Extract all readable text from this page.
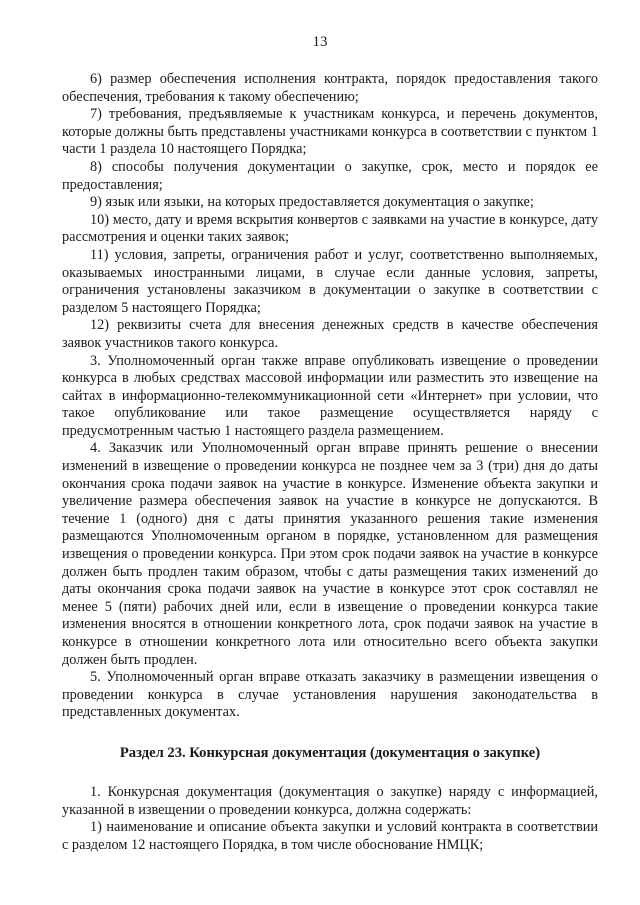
13

6) размер обеспечения исполнения контракта, порядок предоставления такого обеспечения, требования к такому обеспечению;

7) требования, предъявляемые к участникам конкурса, и перечень документов, которые должны быть представлены участниками конкурса в соответствии с пунктом 1 части 1 раздела 10 настоящего Порядка;

8) способы получения документации о закупке, срок, место и порядок ее предоставления;

9) язык или языки, на которых предоставляется документация о закупке;

10) место, дату и время вскрытия конвертов с заявками на участие в конкурсе, дату рассмотрения и оценки таких заявок;

11) условия, запреты, ограничения работ и услуг, соответственно выполняемых, оказываемых иностранными лицами, в случае если данные условия, запреты, ограничения установлены заказчиком в документации о закупке в соответствии с разделом 5 настоящего Порядка;

12) реквизиты счета для внесения денежных средств в качестве обеспечения заявок участников такого конкурса.

3. Уполномоченный орган также вправе опубликовать извещение о проведении конкурса в любых средствах массовой информации или разместить это извещение на сайтах в информационно-телекоммуникационной сети «Интернет» при условии, что такое опубликование или такое размещение осуществляется наряду с предусмотренным частью 1 настоящего раздела размещением.

4. Заказчик или Уполномоченный орган вправе принять решение о внесении изменений в извещение о проведении конкурса не позднее чем за 3 (три) дня до даты окончания срока подачи заявок на участие в конкурсе. Изменение объекта закупки и увеличение размера обеспечения заявок на участие в конкурсе не допускаются. В течение 1 (одного) дня с даты принятия указанного решения такие изменения размещаются Уполномоченным органом в порядке, установленном для размещения извещения о проведении конкурса. При этом срок подачи заявок на участие в конкурсе должен быть продлен таким образом, чтобы с даты размещения таких изменений до даты окончания срока подачи заявок на участие в конкурсе этот срок составлял не менее 5 (пяти) рабочих дней или, если в извещение о проведении конкурса такие изменения вносятся в отношении конкретного лота, срок подачи заявок на участие в конкурсе в отношении конкретного лота или относительно всего объекта закупки должен быть продлен.

5. Уполномоченный орган вправе отказать заказчику в размещении извещения о проведении конкурса в случае установления нарушения законодательства в представленных документах.

Раздел 23. Конкурсная документация (документация о закупке)

1. Конкурсная документация (документация о закупке) наряду с информацией, указанной в извещении о проведении конкурса, должна содержать:

1) наименование и описание объекта закупки и условий контракта в соответствии с разделом 12 настоящего Порядка, в том числе обоснование НМЦК;
